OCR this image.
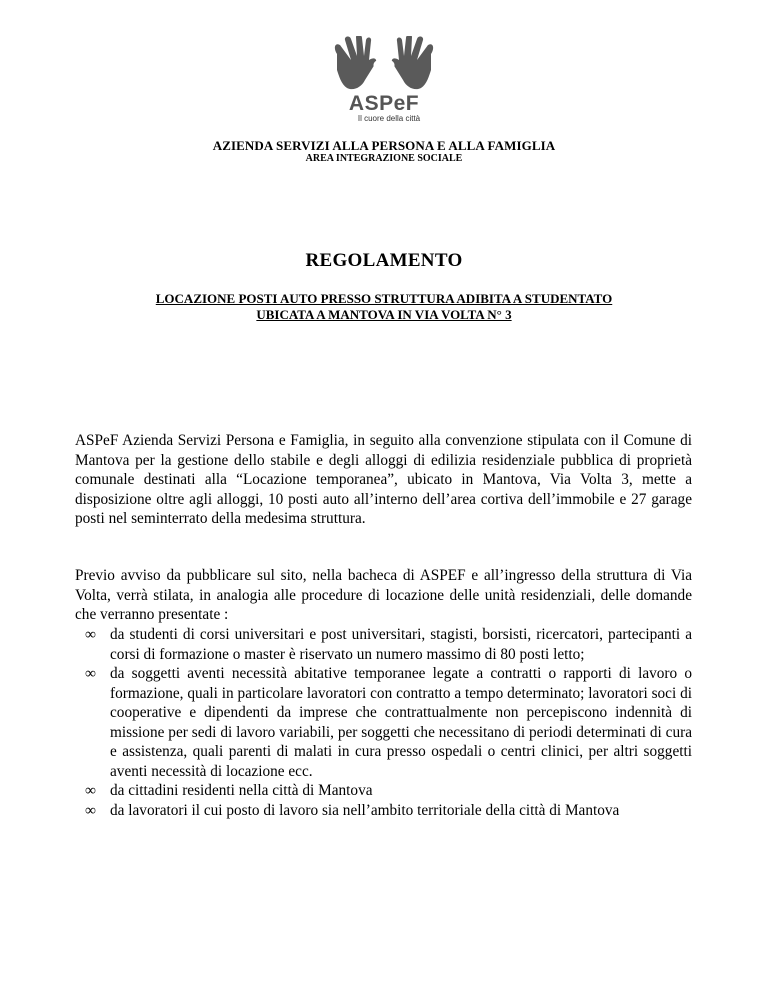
ASPeF
Il cuore della città
AZIENDA SERVIZI ALLA PERSONA E ALLA FAMIGLIA
AREA INTEGRAZIONE SOCIALE
REGOLAMENTO
LOCAZIONE POSTI AUTO PRESSO STRUTTURA ADIBITA A STUDENTATO
UBICATA A MANTOVA IN VIA VOLTA N° 3
ASPeF Azienda Servizi Persona e Famiglia, in seguito alla convenzione stipulata con il Comune di Mantova per la gestione dello stabile e degli alloggi di edilizia residenziale pubblica di proprietà comunale destinati alla “Locazione temporanea”, ubicato in Mantova, Via Volta 3, mette a disposizione oltre agli alloggi, 10 posti auto all’interno dell’area cortiva dell’immobile e 27 garage posti nel seminterrato della medesima struttura.
Previo avviso da pubblicare sul sito, nella bacheca di ASPEF e all’ingresso della struttura di Via Volta, verrà stilata, in analogia alle procedure di locazione delle unità residenziali, delle domande che verranno presentate :
∞ da studenti di corsi universitari e post universitari, stagisti, borsisti, ricercatori, partecipanti a corsi di formazione o master è riservato un numero massimo di 80 posti letto;
∞ da soggetti aventi necessità abitative temporanee legate a contratti o rapporti di lavoro o formazione, quali in particolare lavoratori con contratto a tempo determinato; lavoratori soci di cooperative e dipendenti da imprese che contrattualmente non percepiscono indennità di missione per sedi di lavoro variabili, per soggetti che necessitano di periodi determinati di cura e assistenza, quali parenti di malati in cura presso ospedali o centri clinici, per altri soggetti aventi necessità di locazione ecc.
∞ da cittadini residenti nella città di Mantova
∞ da lavoratori il cui posto di lavoro sia nell’ambito territoriale della città di Mantova
